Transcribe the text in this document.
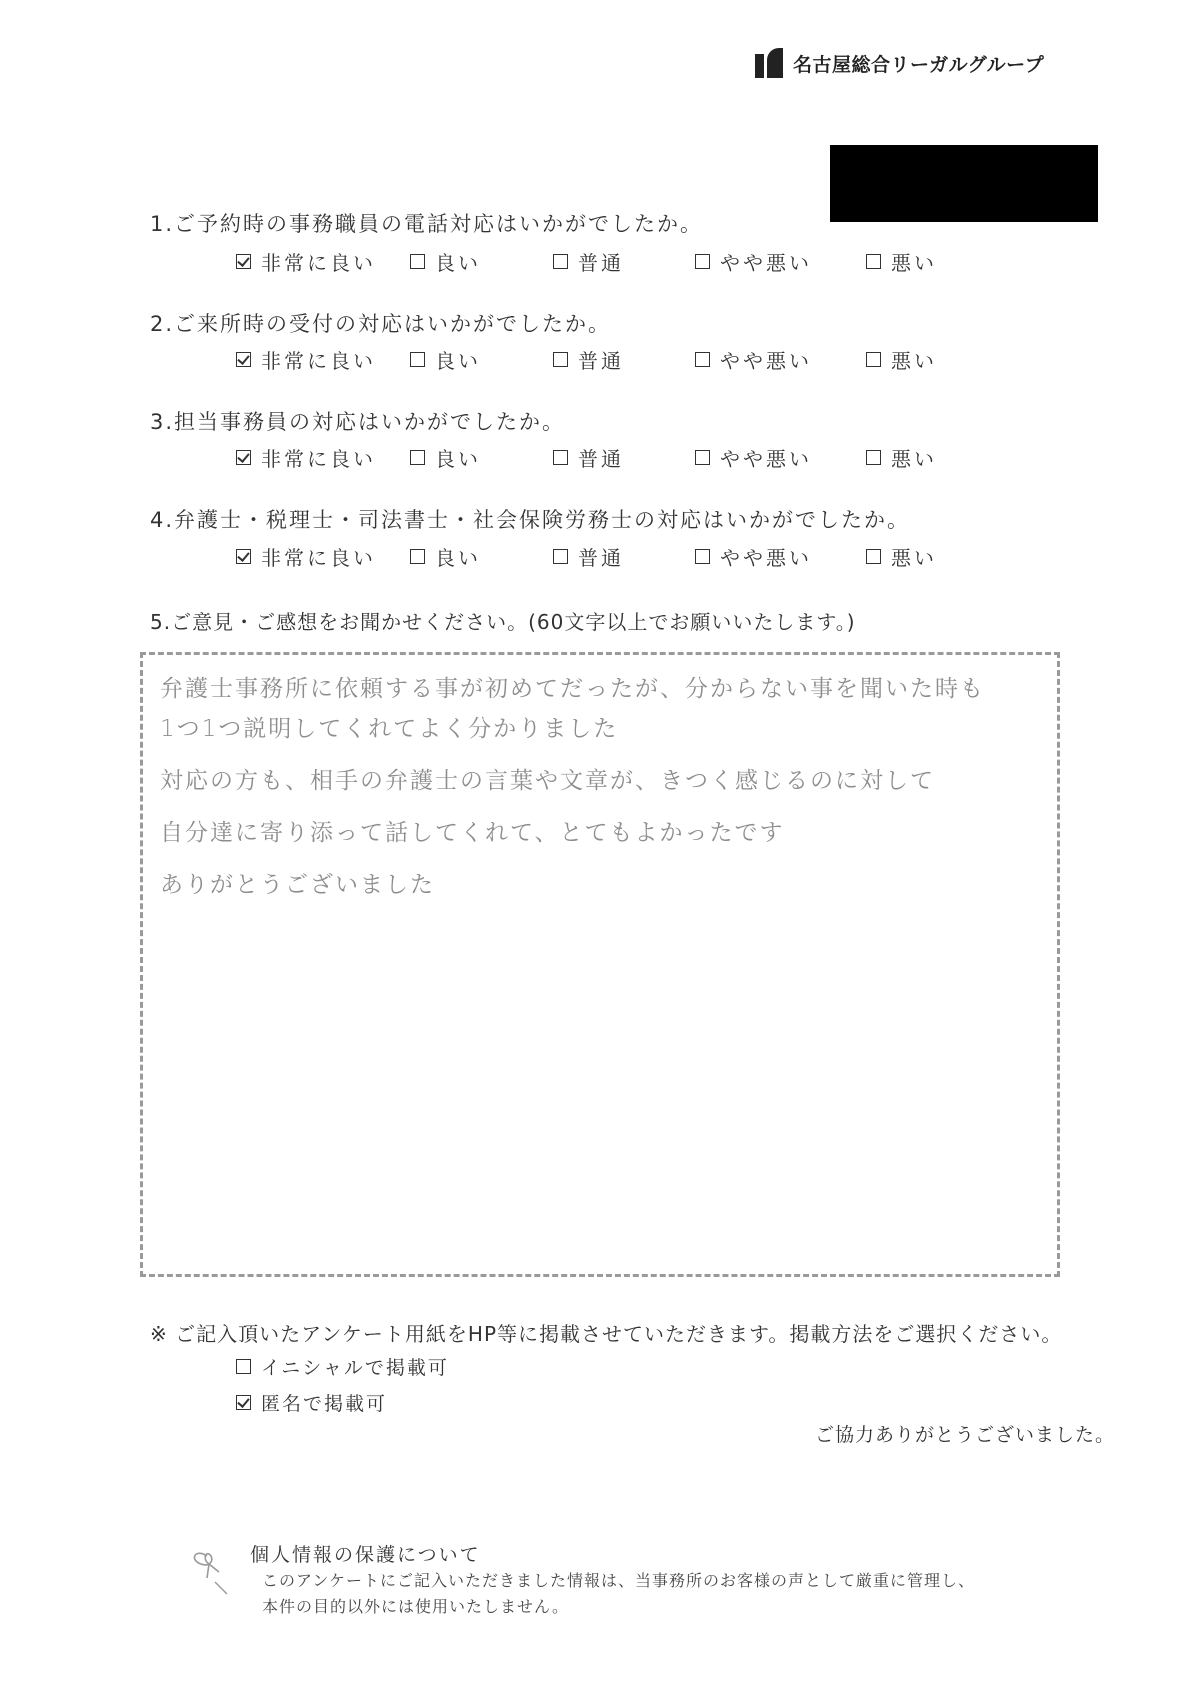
名古屋総合リーガルグループ
1.ご予約時の事務職員の電話対応はいかがでしたか。
非常に良い	良い	普通	やや悪い	悪い
2.ご来所時の受付の対応はいかがでしたか。
非常に良い	良い	普通	やや悪い	悪い
3.担当事務員の対応はいかがでしたか。
非常に良い	良い	普通	やや悪い	悪い
4.弁護士・税理士・司法書士・社会保険労務士の対応はいかがでしたか。
非常に良い	良い	普通	やや悪い	悪い
5.ご意見・ご感想をお聞かせください。(60文字以上でお願いいたします。)
弁護士事務所に依頼する事が初めてだったが、分からない事を聞いた時も
1つ1つ説明してくれてよく分かりました
対応の方も、相手の弁護士の言葉や文章が、きつく感じるのに対して
自分達に寄り添って話してくれて、とてもよかったです
ありがとうございました
※ ご記入頂いたアンケート用紙をHP等に掲載させていただきます。掲載方法をご選択ください。
イニシャルで掲載可
匿名で掲載可
ご協力ありがとうございました。
個人情報の保護について
このアンケートにご記入いただきました情報は、当事務所のお客様の声として厳重に管理し、
本件の目的以外には使用いたしません。
